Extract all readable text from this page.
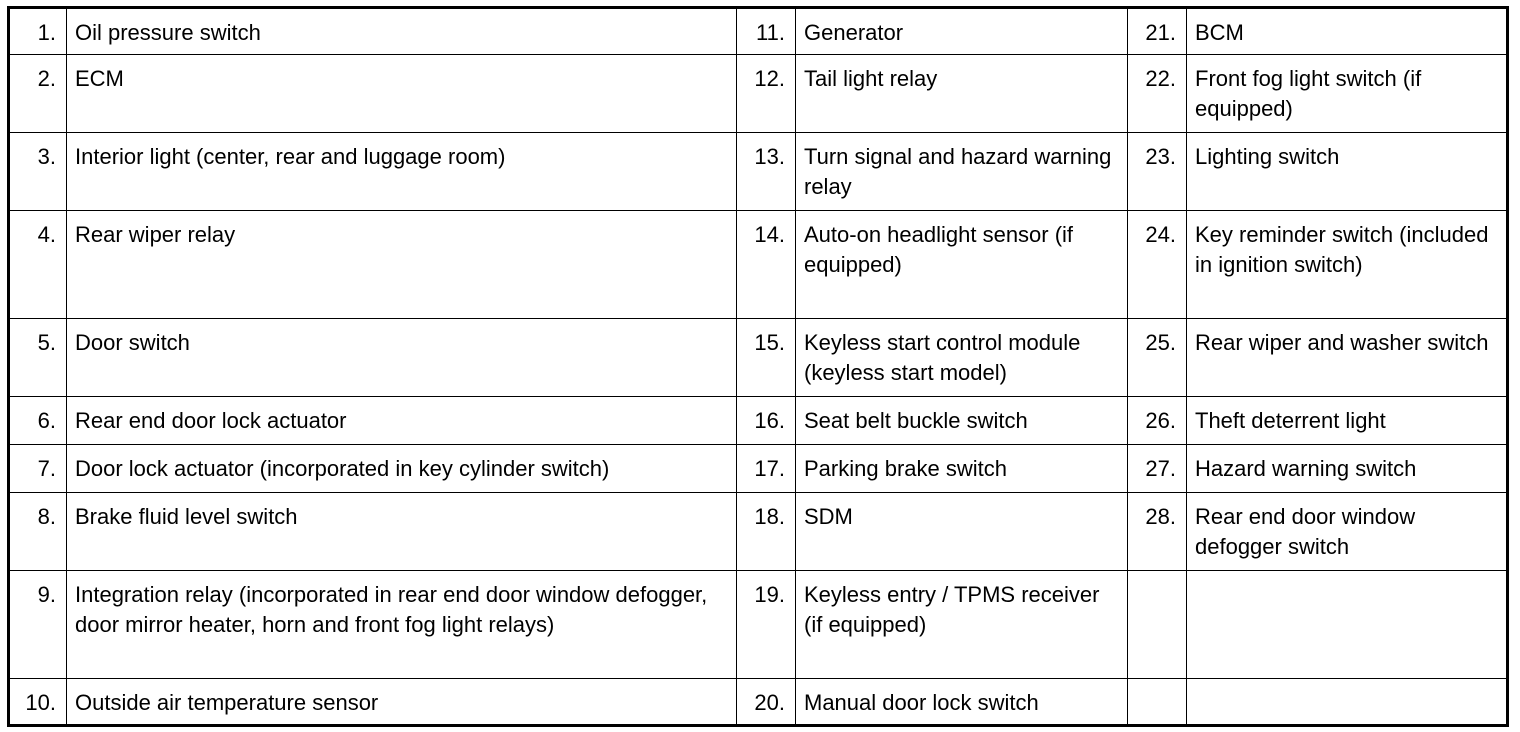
1.	Oil pressure switch	11.	Generator	21.	BCM
2.	ECM	12.	Tail light relay	22.	Front fog light switch (if equipped)
3.	Interior light (center, rear and luggage room)	13.	Turn signal and hazard warning relay	23.	Lighting switch
4.	Rear wiper relay	14.	Auto-on headlight sensor (if equipped)	24.	Key reminder switch (included in ignition switch)
5.	Door switch	15.	Keyless start control module (keyless start model)	25.	Rear wiper and washer switch
6.	Rear end door lock actuator	16.	Seat belt buckle switch	26.	Theft deterrent light
7.	Door lock actuator (incorporated in key cylinder switch)	17.	Parking brake switch	27.	Hazard warning switch
8.	Brake fluid level switch	18.	SDM	28.	Rear end door window defogger switch
9.	Integration relay (incorporated in rear end door window defogger, door mirror heater, horn and front fog light relays)	19.	Keyless entry / TPMS receiver (if equipped)		
10.	Outside air temperature sensor	20.	Manual door lock switch		
